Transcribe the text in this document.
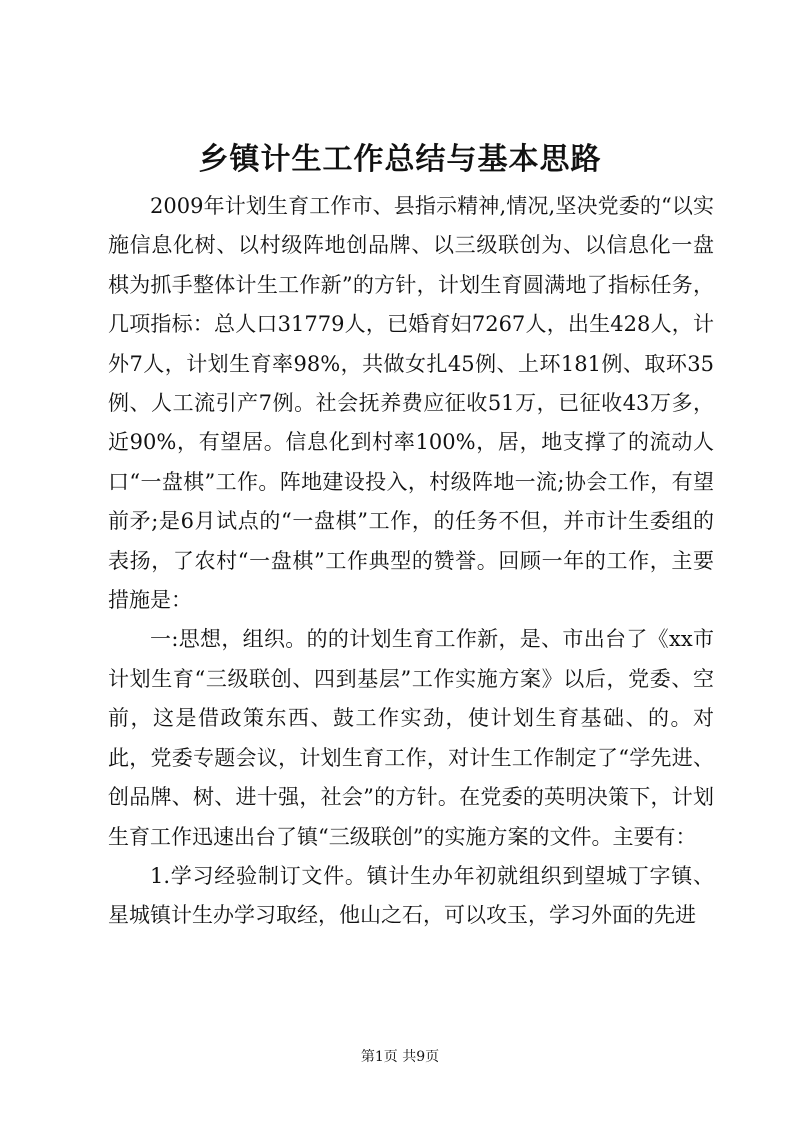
乡镇计生工作总结与基本思路

2009年计划生育工作市、县指示精神,情况,坚决党委的“以实施信息化树、以村级阵地创品牌、以三级联创为、以信息化一盘棋为抓手整体计生工作新”的方针，计划生育圆满地了指标任务，几项指标：总人口31779人，已婚育妇7267人，出生428人，计外7人，计划生育率98%，共做女扎45例、上环181例、取环35例、人工流引产7例。社会抚养费应征收51万，已征收43万多，近90%，有望居。信息化到村率100%，居，地支撑了的流动人口“一盘棋”工作。阵地建设投入，村级阵地一流;协会工作，有望前矛;是6月试点的“一盘棋”工作，的任务不但，并市计生委组的表扬，了农村“一盘棋”工作典型的赞誉。回顾一年的工作，主要措施是：

一:思想，组织。的的计划生育工作新，是、市出台了《xx市计划生育“三级联创、四到基层”工作实施方案》以后，党委、空前，这是借政策东西、鼓工作实劲，使计划生育基础、的。对此，党委专题会议，计划生育工作，对计生工作制定了“学先进、创品牌、树、进十强，社会”的方针。在党委的英明决策下，计划生育工作迅速出台了镇“三级联创”的实施方案的文件。主要有：

1.学习经验制订文件。镇计生办年初就组织到望城丁字镇、星城镇计生办学习取经，他山之石，可以攻玉，学习外面的先进

第1页 共9页
